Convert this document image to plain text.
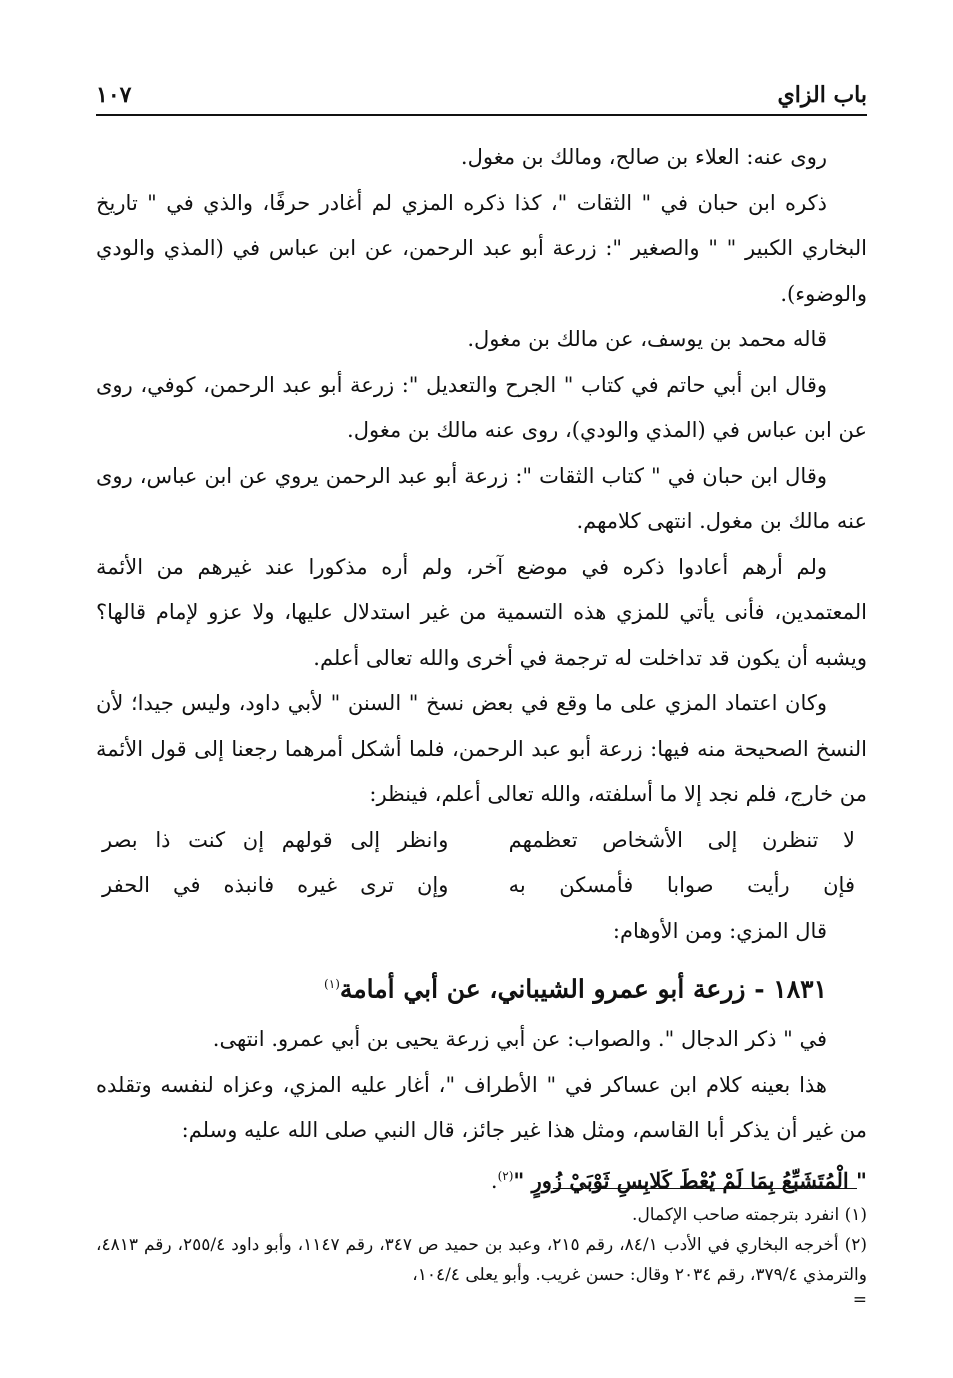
باب الزاي
١٠٧

روى عنه: العلاء بن صالح، ومالك بن مغول.

ذكره ابن حبان في " الثقات "، كذا ذكره المزي لم أغادر حرفًا، والذي في " تاريخ البخاري الكبير " " والصغير ": زرعة أبو عبد الرحمن، عن ابن عباس في (المذي والودي والوضوء).

قاله محمد بن يوسف، عن مالك بن مغول.

وقال ابن أبي حاتم في كتاب " الجرح والتعديل ": زرعة أبو عبد الرحمن، كوفي، روى عن ابن عباس في (المذي والودي)، روى عنه مالك بن مغول.

وقال ابن حبان في " كتاب الثقات ": زرعة أبو عبد الرحمن يروي عن ابن عباس، روى عنه مالك بن مغول. انتهى كلامهم.

ولم أرهم أعادوا ذكره في موضع آخر، ولم أره مذكورا عند غيرهم من الأئمة المعتمدين، فأنى يأتي للمزي هذه التسمية من غير استدلال عليها، ولا عزو لإمام قالها؟ ويشبه أن يكون قد تداخلت له ترجمة في أخرى والله تعالى أعلم.

وكان اعتماد المزي على ما وقع في بعض نسخ " السنن " لأبي داود، وليس جيدا؛ لأن النسخ الصحيحة منه فيها: زرعة أبو عبد الرحمن، فلما أشكل أمرهما رجعنا إلى قول الأئمة من خارج، فلم نجد إلا ما أسلفته، والله تعالى أعلم، فينظر:

لا تنظرن إلى الأشخاص تعظمهم
وانظر إلى قولهم إن كنت ذا بصر
فإن رأيت صوابا فأمسكن به
وإن ترى غيره فانبذه في الحفر

قال المزي: ومن الأوهام:

١٨٣١ - زرعة أبو عمرو الشيباني، عن أبي أمامة$^{(١)}$

في " ذكر الدجال ". والصواب: عن أبي زرعة يحيى بن أبي عمرو. انتهى.

هذا بعينه كلام ابن عساكر في " الأطراف "، أغار عليه المزي، وعزاه لنفسه وتقلده من غير أن يذكر أبا القاسم، ومثل هذا غير جائز، قال النبي صلى الله عليه وسلم:

" الْمُتَشَبِّعُ بِمَا لَمْ يُعْطَ كَلابِسِ ثَوْبَيْ زُورٍ "$^{(٢)}$.

(١) انفرد بترجمته صاحب الإكمال.

(٢) أخرجه البخاري في الأدب ٨٤/١، رقم ٢١٥، وعبد بن حميد ص ٣٤٧، رقم ١١٤٧، وأبو داود ٢٥٥/٤، رقم ٤٨١٣، والترمذي ٣٧٩/٤، رقم ٢٠٣٤ وقال: حسن غريب. وأبو يعلى ١٠٤/٤،

=
